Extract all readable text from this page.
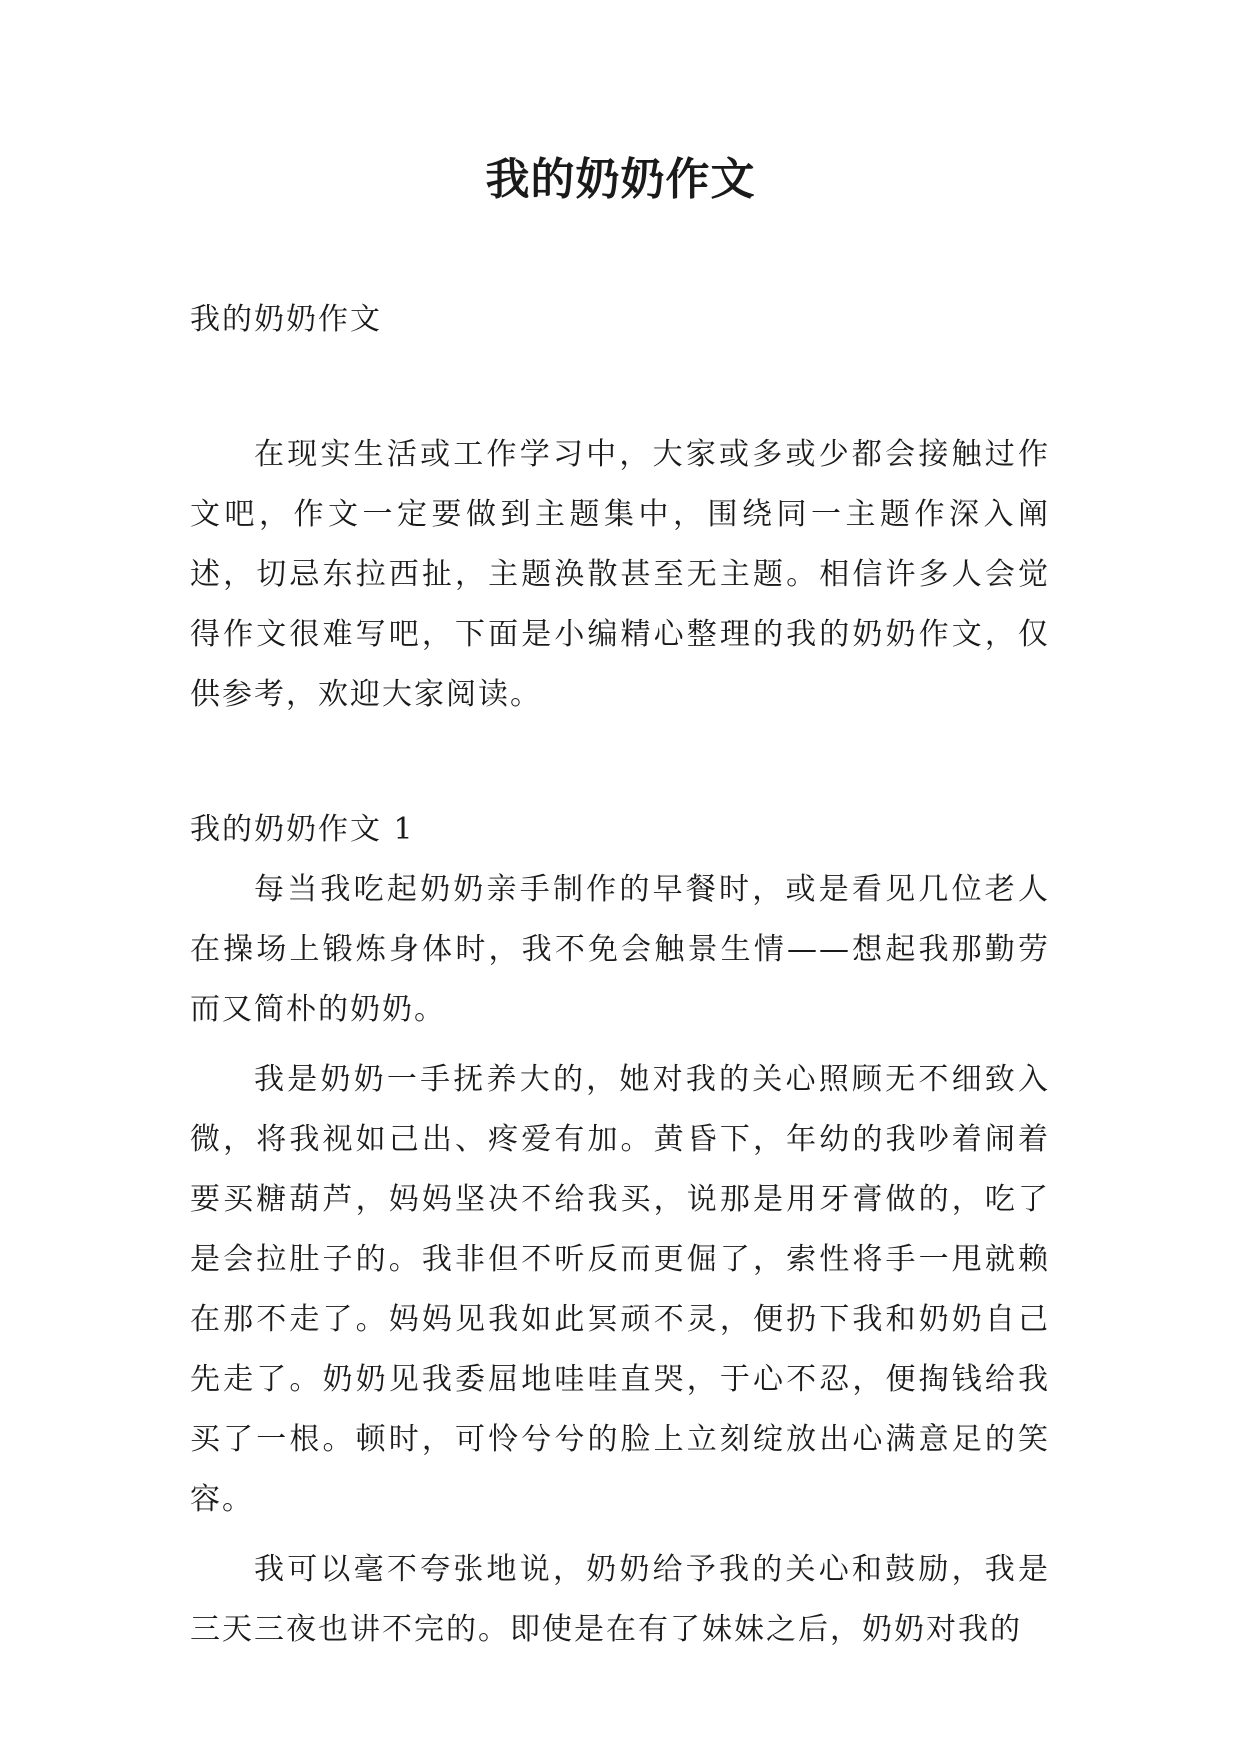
我的奶奶作文

我的奶奶作文

在现实生活或工作学习中，大家或多或少都会接触过作文吧，作文一定要做到主题集中，围绕同一主题作深入阐述，切忌东拉西扯，主题涣散甚至无主题。相信许多人会觉得作文很难写吧，下面是小编精心整理的我的奶奶作文，仅供参考，欢迎大家阅读。

我的奶奶作文 1

每当我吃起奶奶亲手制作的早餐时，或是看见几位老人在操场上锻炼身体时，我不免会触景生情——想起我那勤劳而又简朴的奶奶。

我是奶奶一手抚养大的，她对我的关心照顾无不细致入微，将我视如己出、疼爱有加。黄昏下，年幼的我吵着闹着要买糖葫芦，妈妈坚决不给我买，说那是用牙膏做的，吃了是会拉肚子的。我非但不听反而更倔了，索性将手一甩就赖在那不走了。妈妈见我如此冥顽不灵，便扔下我和奶奶自己先走了。奶奶见我委屈地哇哇直哭，于心不忍，便掏钱给我买了一根。顿时，可怜兮兮的脸上立刻绽放出心满意足的笑容。

我可以毫不夸张地说，奶奶给予我的关心和鼓励，我是三天三夜也讲不完的。即使是在有了妹妹之后，奶奶对我的
